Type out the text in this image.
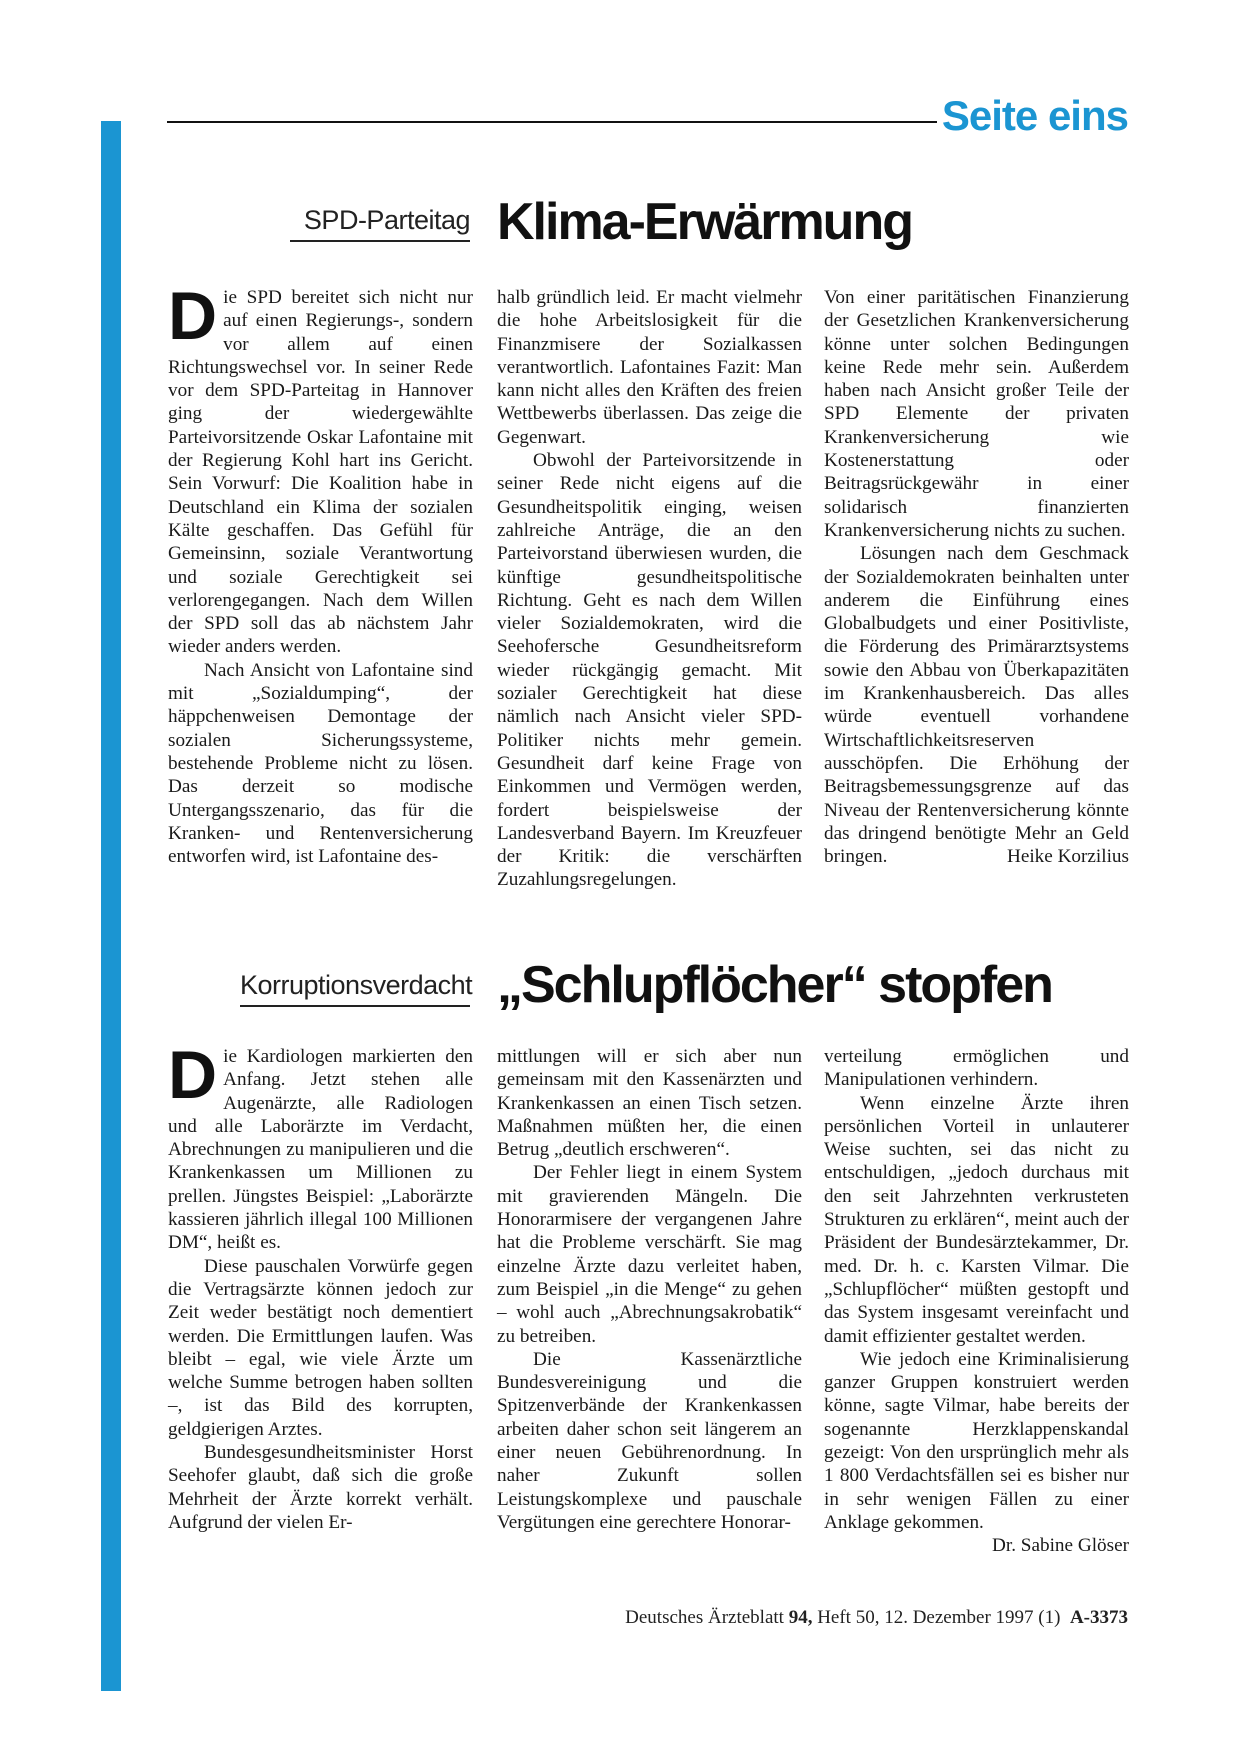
Seite eins
SPD-Parteitag Klima-Erwärmung

Die SPD bereitet sich nicht nur auf einen Regierungs-, sondern vor allem auf einen Richtungswechsel vor. In seiner Rede vor dem SPD-Parteitag in Hannover ging der wiedergewählte Parteivorsitzende Oskar Lafontaine mit der Regierung Kohl hart ins Gericht. Sein Vorwurf: Die Koalition habe in Deutschland ein Klima der sozialen Kälte geschaffen. Das Gefühl für Gemeinsinn, soziale Verantwortung und soziale Gerechtigkeit sei verlorengegangen. Nach dem Willen der SPD soll das ab nächstem Jahr wieder anders werden.

Nach Ansicht von Lafontaine sind mit „Sozialdumping“, der häppchenweisen Demontage der sozialen Sicherungssysteme, bestehende Probleme nicht zu lösen. Das derzeit so modische Untergangsszenario, das für die Kranken- und Rentenversicherung entworfen wird, ist Lafontaine des-

halb gründlich leid. Er macht vielmehr die hohe Arbeitslosigkeit für die Finanzmisere der Sozialkassen verantwortlich. Lafontaines Fazit: Man kann nicht alles den Kräften des freien Wettbewerbs überlassen. Das zeige die Gegenwart.

Obwohl der Parteivorsitzende in seiner Rede nicht eigens auf die Gesundheitspolitik einging, weisen zahlreiche Anträge, die an den Parteivorstand überwiesen wurden, die künftige gesundheitspolitische Richtung. Geht es nach dem Willen vieler Sozialdemokraten, wird die Seehofersche Gesundheitsreform wieder rückgängig gemacht. Mit sozialer Gerechtigkeit hat diese nämlich nach Ansicht vieler SPD-Politiker nichts mehr gemein. Gesundheit darf keine Frage von Einkommen und Vermögen werden, fordert beispielsweise der Landesverband Bayern. Im Kreuzfeuer der Kritik: die verschärften Zuzahlungsregelungen.

Von einer paritätischen Finanzierung der Gesetzlichen Krankenversicherung könne unter solchen Bedingungen keine Rede mehr sein. Außerdem haben nach Ansicht großer Teile der SPD Elemente der privaten Krankenversicherung wie Kostenerstattung oder Beitragsrückgewähr in einer solidarisch finanzierten Krankenversicherung nichts zu suchen.

Lösungen nach dem Geschmack der Sozialdemokraten beinhalten unter anderem die Einführung eines Globalbudgets und einer Positivliste, die Förderung des Primärarztsystems sowie den Abbau von Überkapazitäten im Krankenhausbereich. Das alles würde eventuell vorhandene Wirtschaftlichkeitsreserven ausschöpfen. Die Erhöhung der Beitragsbemessungsgrenze auf das Niveau der Rentenversicherung könnte das dringend benötigte Mehr an Geld bringen.	Heike Korzilius

Korruptionsverdacht „Schlupflöcher“ stopfen

Die Kardiologen markierten den Anfang. Jetzt stehen alle Augenärzte, alle Radiologen und alle Laborärzte im Verdacht, Abrechnungen zu manipulieren und die Krankenkassen um Millionen zu prellen. Jüngstes Beispiel: „Laborärzte kassieren jährlich illegal 100 Millionen DM“, heißt es.

Diese pauschalen Vorwürfe gegen die Vertragsärzte können jedoch zur Zeit weder bestätigt noch dementiert werden. Die Ermittlungen laufen. Was bleibt – egal, wie viele Ärzte um welche Summe betrogen haben sollten –, ist das Bild des korrupten, geldgierigen Arztes.

Bundesgesundheitsminister Horst Seehofer glaubt, daß sich die große Mehrheit der Ärzte korrekt verhält. Aufgrund der vielen Er-

mittlungen will er sich aber nun gemeinsam mit den Kassenärzten und Krankenkassen an einen Tisch setzen. Maßnahmen müßten her, die einen Betrug „deutlich erschweren“.

Der Fehler liegt in einem System mit gravierenden Mängeln. Die Honorarmisere der vergangenen Jahre hat die Probleme verschärft. Sie mag einzelne Ärzte dazu verleitet haben, zum Beispiel „in die Menge“ zu gehen – wohl auch „Abrechnungsakrobatik“ zu betreiben.

Die Kassenärztliche Bundesvereinigung und die Spitzenverbände der Krankenkassen arbeiten daher schon seit längerem an einer neuen Gebührenordnung. In naher Zukunft sollen Leistungskomplexe und pauschale Vergütungen eine gerechtere Honorar-

verteilung ermöglichen und Manipulationen verhindern.

Wenn einzelne Ärzte ihren persönlichen Vorteil in unlauterer Weise suchten, sei das nicht zu entschuldigen, „jedoch durchaus mit den seit Jahrzehnten verkrusteten Strukturen zu erklären“, meint auch der Präsident der Bundesärztekammer, Dr. med. Dr. h. c. Karsten Vilmar. Die „Schlupflöcher“ müßten gestopft und das System insgesamt vereinfacht und damit effizienter gestaltet werden.

Wie jedoch eine Kriminalisierung ganzer Gruppen konstruiert werden könne, sagte Vilmar, habe bereits der sogenannte Herzklappenskandal gezeigt: Von den ursprünglich mehr als 1 800 Verdachtsfällen sei es bisher nur in sehr wenigen Fällen zu einer Anklage gekommen.
Dr. Sabine Glöser

Deutsches Ärzteblatt 94, Heft 50, 12. Dezember 1997 (1) A-3373
